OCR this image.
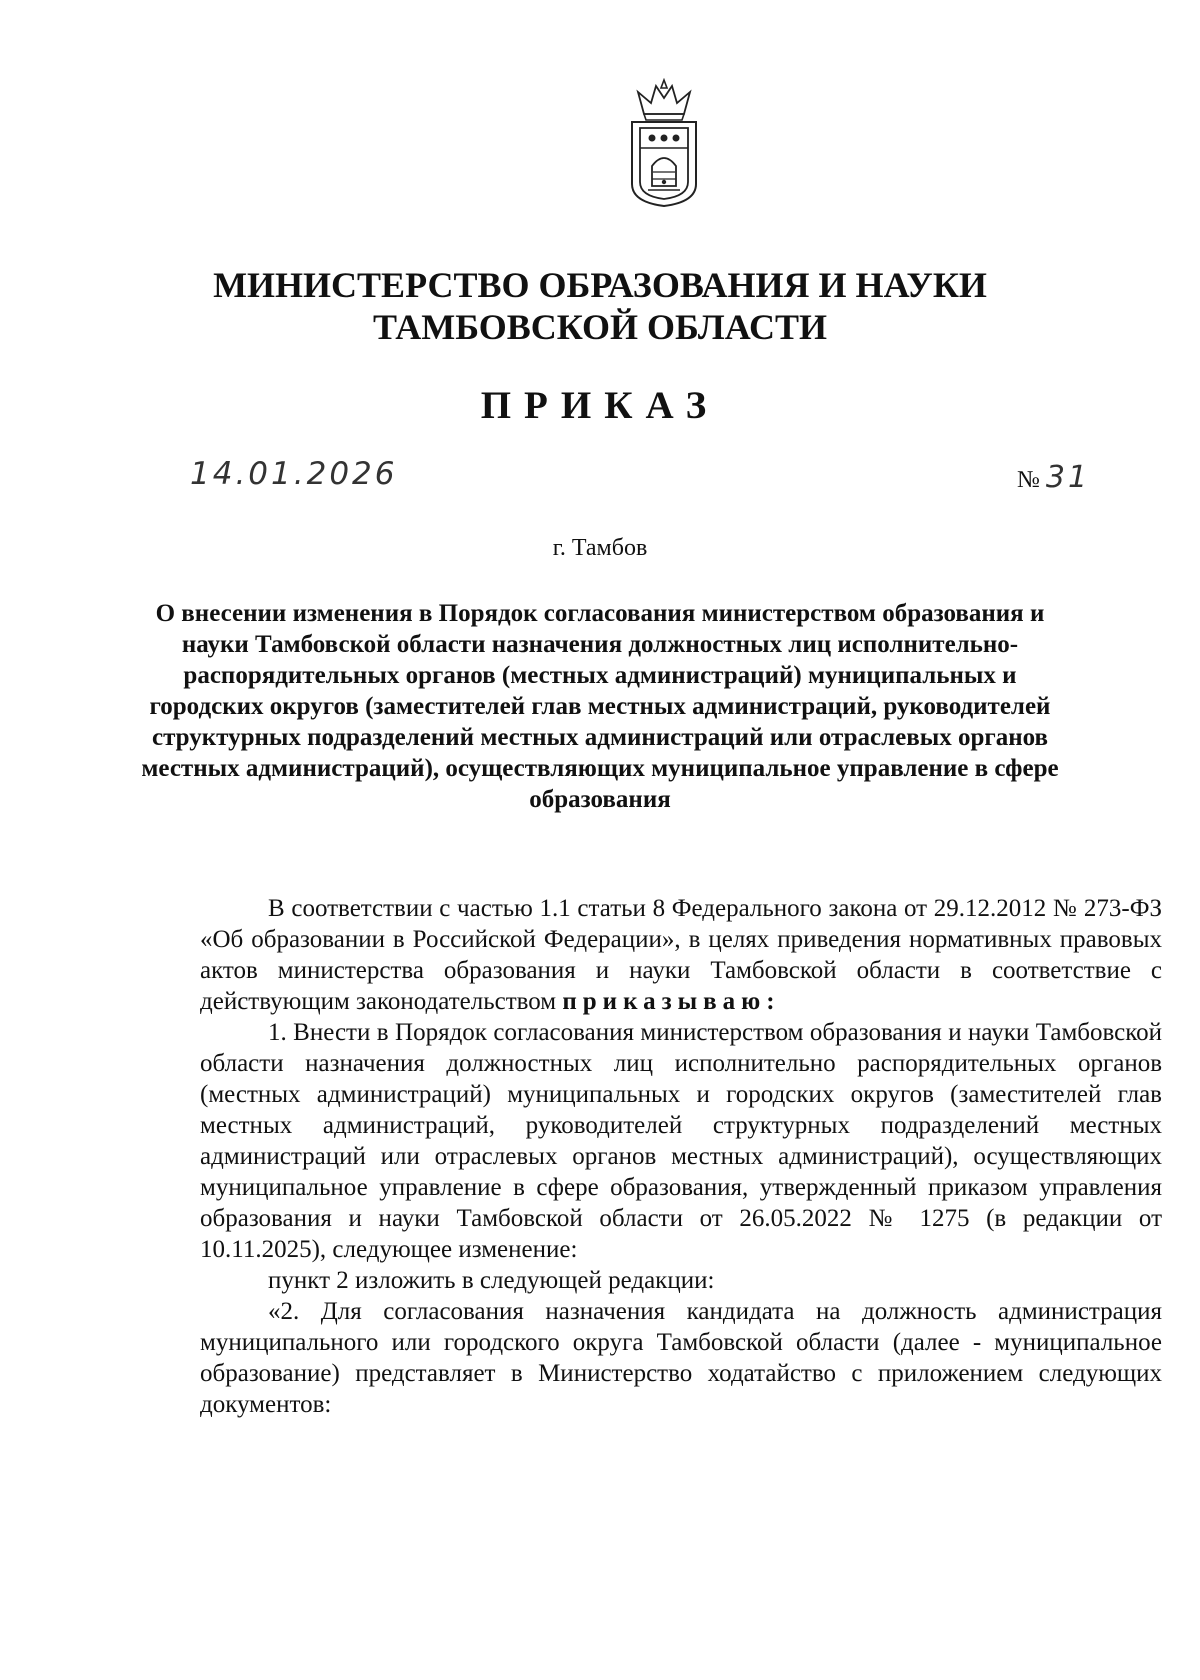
МИНИСТЕРСТВО ОБРАЗОВАНИЯ И НАУКИ
ТАМБОВСКОЙ ОБЛАСТИ
ПРИКАЗ
14.01.2026	№ 31
г. Тамбов
О внесении изменения в Порядок согласования министерством образования и науки Тамбовской области назначения должностных лиц исполнительно-распорядительных органов (местных администраций) муниципальных и городских округов (заместителей глав местных администраций, руководителей структурных подразделений местных администраций или отраслевых органов местных администраций), осуществляющих муниципальное управление в сфере образования

В соответствии с частью 1.1 статьи 8 Федерального закона от 29.12.2012 № 273-ФЗ «Об образовании в Российской Федерации», в целях приведения нормативных правовых актов министерства образования и науки Тамбовской области в соответствие с действующим законодательством приказываю:

1. Внести в Порядок согласования министерством образования и науки Тамбовской области назначения должностных лиц исполнительно распорядительных органов (местных администраций) муниципальных и городских округов (заместителей глав местных администраций, руководителей структурных подразделений местных администраций или отраслевых органов местных администраций), осуществляющих муниципальное управление в сфере образования, утвержденный приказом управления образования и науки Тамбовской области от 26.05.2022 № 1275 (в редакции от 10.11.2025), следующее изменение:

пункт 2 изложить в следующей редакции:

«2. Для согласования назначения кандидата на должность администрация муниципального или городского округа Тамбовской области (далее - муниципальное образование) представляет в Министерство ходатайство с приложением следующих документов:
